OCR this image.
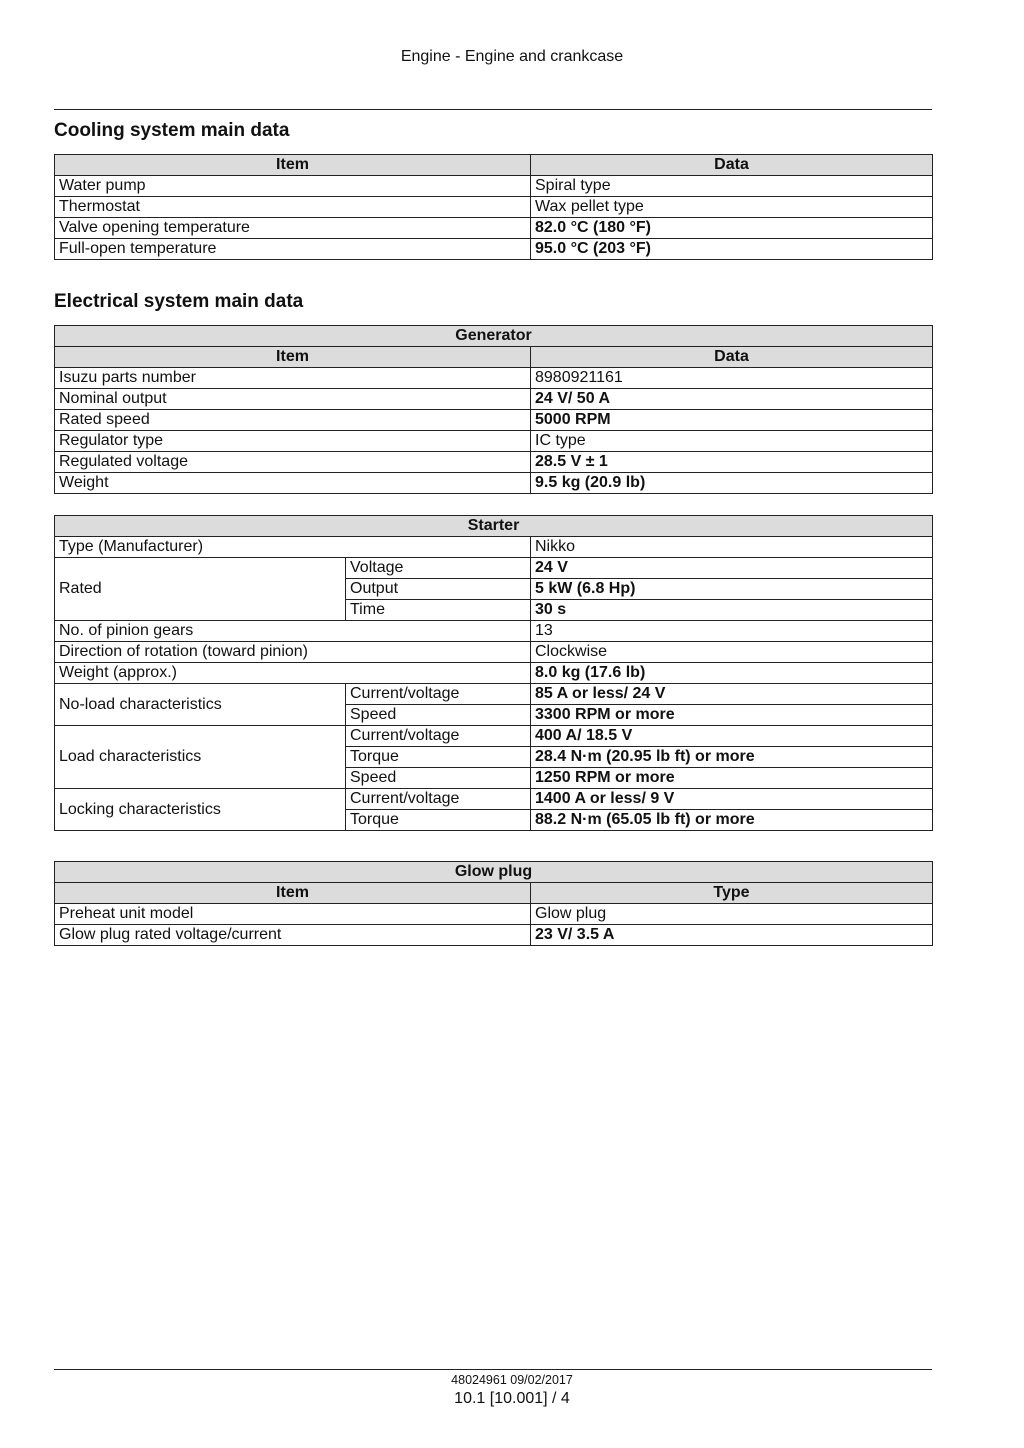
Engine - Engine and crankcase
Cooling system main data
Item	Data
Water pump	Spiral type
Thermostat	Wax pellet type
Valve opening temperature	82.0 °C (180 °F)
Full-open temperature	95.0 °C (203 °F)
Electrical system main data
Generator	
Item	Data
Isuzu parts number	8980921161
Nominal output	24 V/ 50 A
Rated speed	5000 RPM
Regulator type	IC type
Regulated voltage	28.5 V ± 1
Weight	9.5 kg (20.9 lb)
Starter		
Type (Manufacturer)		Nikko
Rated	Voltage	24 V
	Output	5 kW (6.8 Hp)
	Time	30 s
No. of pinion gears		13
Direction of rotation (toward pinion)		Clockwise
Weight (approx.)		8.0 kg (17.6 lb)
No-load characteristics	Current/voltage	85 A or less/ 24 V
	Speed	3300 RPM or more
Load characteristics	Current/voltage	400 A/ 18.5 V
	Torque	28.4 N·m (20.95 lb ft) or more
	Speed	1250 RPM or more
Locking characteristics	Current/voltage	1400 A or less/ 9 V
	Torque	88.2 N·m (65.05 lb ft) or more
Glow plug	
Item	Type
Preheat unit model	Glow plug
Glow plug rated voltage/current	23 V/ 3.5 A
48024961 09/02/2017
10.1 [10.001] / 4
